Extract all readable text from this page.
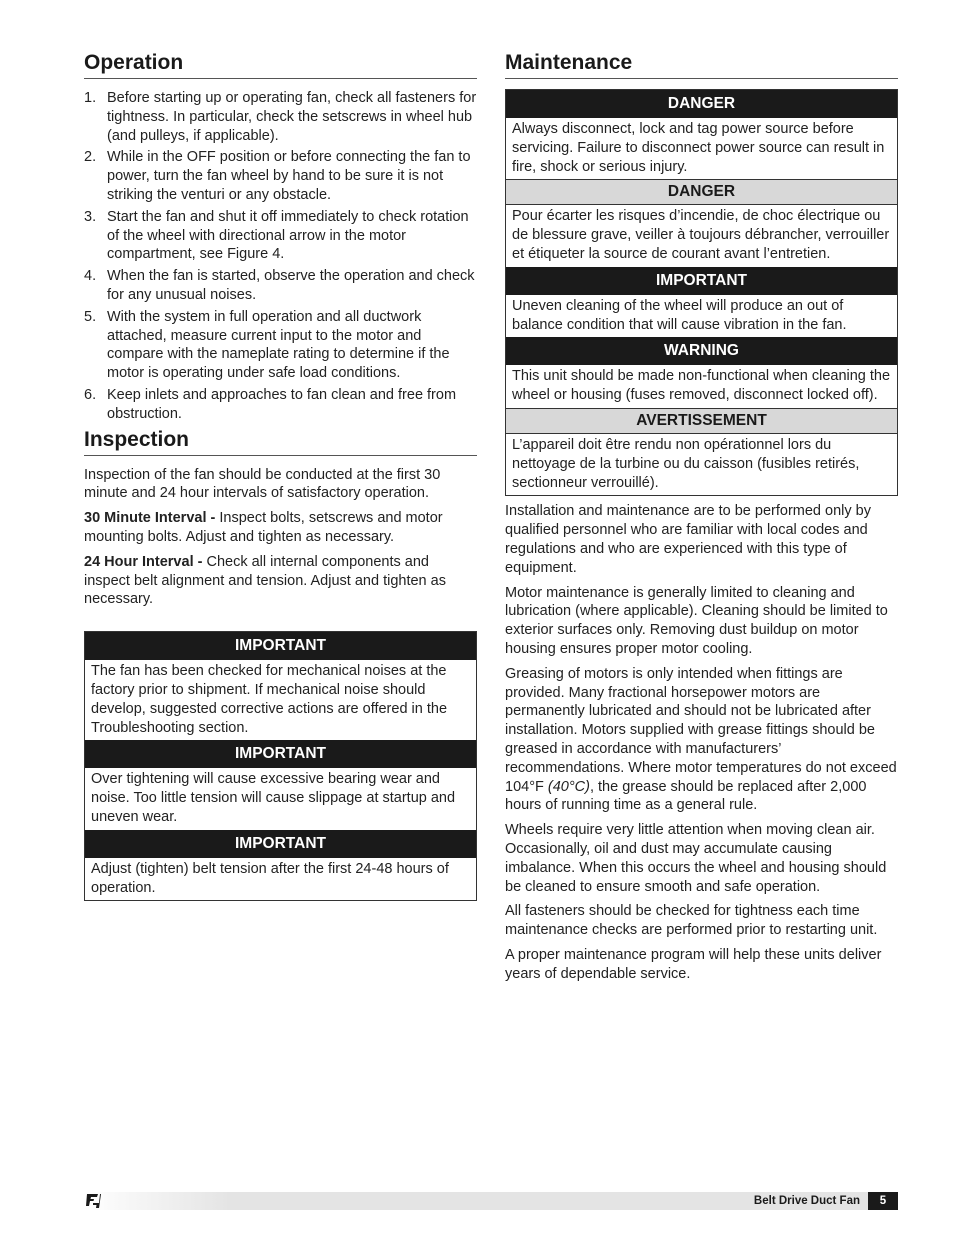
Operation
1. Before starting up or operating fan, check all fasteners for tightness. In particular, check the setscrews in wheel hub (and pulleys, if applicable).
2. While in the OFF position or before connecting the fan to power, turn the fan wheel by hand to be sure it is not striking the venturi or any obstacle.
3. Start the fan and shut it off immediately to check rotation of the wheel with directional arrow in the motor compartment, see Figure 4.
4. When the fan is started, observe the operation and check for any unusual noises.
5. With the system in full operation and all ductwork attached, measure current input to the motor and compare with the nameplate rating to determine if the motor is operating under safe load conditions.
6. Keep inlets and approaches to fan clean and free from obstruction.
Inspection

Inspection of the fan should be conducted at the first 30 minute and 24 hour intervals of satisfactory operation.

30 Minute Interval - Inspect bolts, setscrews and motor mounting bolts. Adjust and tighten as necessary.

24 Hour Interval - Check all internal components and inspect belt alignment and tension. Adjust and tighten as necessary.

IMPORTANT
The fan has been checked for mechanical noises at the factory prior to shipment. If mechanical noise should develop, suggested corrective actions are offered in the Troubleshooting section.
IMPORTANT
Over tightening will cause excessive bearing wear and noise. Too little tension will cause slippage at startup and uneven wear.
IMPORTANT
Adjust (tighten) belt tension after the first 24-48 hours of operation.
Maintenance
DANGER
Always disconnect, lock and tag power source before servicing. Failure to disconnect power source can result in fire, shock or serious injury.
DANGER
Pour écarter les risques d’incendie, de choc électrique ou de blessure grave, veiller à toujours débrancher, verrouiller et étiqueter la source de courant avant l’entretien.
IMPORTANT
Uneven cleaning of the wheel will produce an out of balance condition that will cause vibration in the fan.
WARNING
This unit should be made non-functional when cleaning the wheel or housing (fuses removed, disconnect locked off).
AVERTISSEMENT
L’appareil doit être rendu non opérationnel lors du nettoyage de la turbine ou du caisson (fusibles retirés, sectionneur verrouillé).

Installation and maintenance are to be performed only by qualified personnel who are familiar with local codes and regulations and who are experienced with this type of equipment.

Motor maintenance is generally limited to cleaning and lubrication (where applicable). Cleaning should be limited to exterior surfaces only. Removing dust buildup on motor housing ensures proper motor cooling.

Greasing of motors is only intended when fittings are provided. Many fractional horsepower motors are permanently lubricated and should not be lubricated after installation. Motors supplied with grease fittings should be greased in accordance with manufacturers’ recommendations. Where motor temperatures do not exceed 104°F (40°C), the grease should be replaced after 2,000 hours of running time as a general rule.

Wheels require very little attention when moving clean air. Occasionally, oil and dust may accumulate causing imbalance. When this occurs the wheel and housing should be cleaned to ensure smooth and safe operation.

All fasteners should be checked for tightness each time maintenance checks are performed prior to restarting unit.

A proper maintenance program will help these units deliver years of dependable service.

Belt Drive Duct Fan	5
